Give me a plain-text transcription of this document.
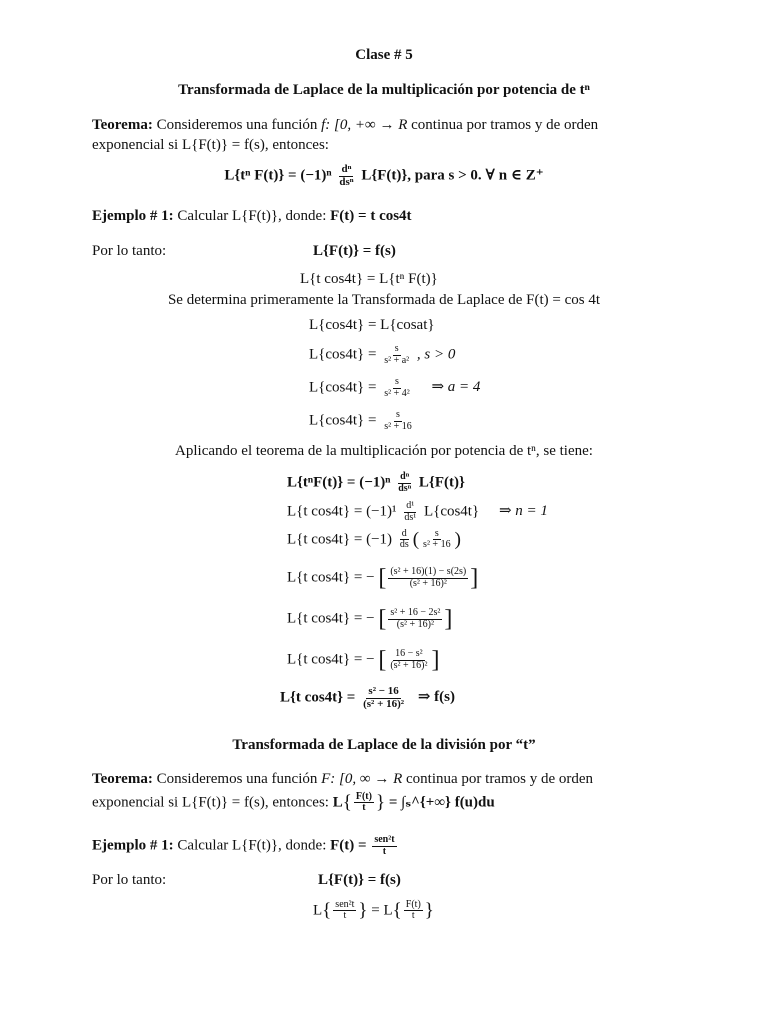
Clase # 5
Transformada de Laplace de la multiplicación por potencia de tⁿ
Teorema: Consideremos una función f: [0, +∞ → R continua por tramos y de orden
exponencial si L{F(t)} = f(s), entonces:
L{tⁿ $F(t)\} = (-1)^n \frac{\text{dⁿ}}{\text{dsⁿ}} L\{F(t)\}$, para s > 0. ∀ n ∈ Z⁺
Ejemplo # 1: Calcular L{F(t)}, donde: F(t) = t cos4t
Por lo tanto:	L{F(t)} = f(s)
L{t cos4t} = L{tⁿ F(t)}
Se determina primeramente la Transformada de Laplace de F(t) = cos 4t
L{cos4t} = L{cosat}
$L\{\cos 4t\} = \frac{s}{\text{s² + a²}}$ , s > 0
$L\{\cos 4t\} = \frac{s}{\text{s² + 4²}}$ ⇒ a = 4
$L\{\cos 4t\} = \frac{s}{\text{s² + 16}}$
Aplicando el teorema de la multiplicación por potencia de tⁿ, se tiene:
$L\{t^nF(t)\} = (-1)^n \frac{\text{dⁿ}}{\text{dsⁿ}} L\{F(t)\}$
L{t $\cos 4t\} = (-1)^1 \frac{\text{d¹}}{\text{ds¹}} L\{\cos 4t\}$ ⇒ n = 1
L{t $\cos 4t\} = (-1) \frac{d}{ds}$ ( $\frac{s}{\text{s² + 16}}$ )
L{t cos4t} = − [ $\frac{\text{(s² + 16)(1) − s(2s)}}{\text{(s² + 16)²}}$ ]
L{t cos4t} = − [ $\frac{\text{s² + 16 − 2s²}}{\text{(s² + 16)²}}$ ]
L{t cos4t} = − [ $\frac{\text{16 − s²}}{\text{(s² + 16)²}}$ ]
L{t $\cos 4t\} = \frac{\text{s² − 16}}{\text{(s² + 16)²}}$ ⇒ f(s)
Transformada de Laplace de la división por “t”
Teorema: Consideremos una función F: [0, ∞ → R continua por tramos y de orden
exponencial si L{F(t)} = f(s), entonces: $L\{ \frac{F(t)}{t}$ } = ∫ₛ^{+∞} f(u)du
Ejemplo # 1: Calcular L{F(t)}, donde: $F(t) = \frac{\text{sen²t}}{t}$
Por lo tanto:	L{F(t)} = f(s)
$L\{ \frac{\text{sen²t}}{t}$ } = $L\{ \frac{F(t)}{t}$ }
